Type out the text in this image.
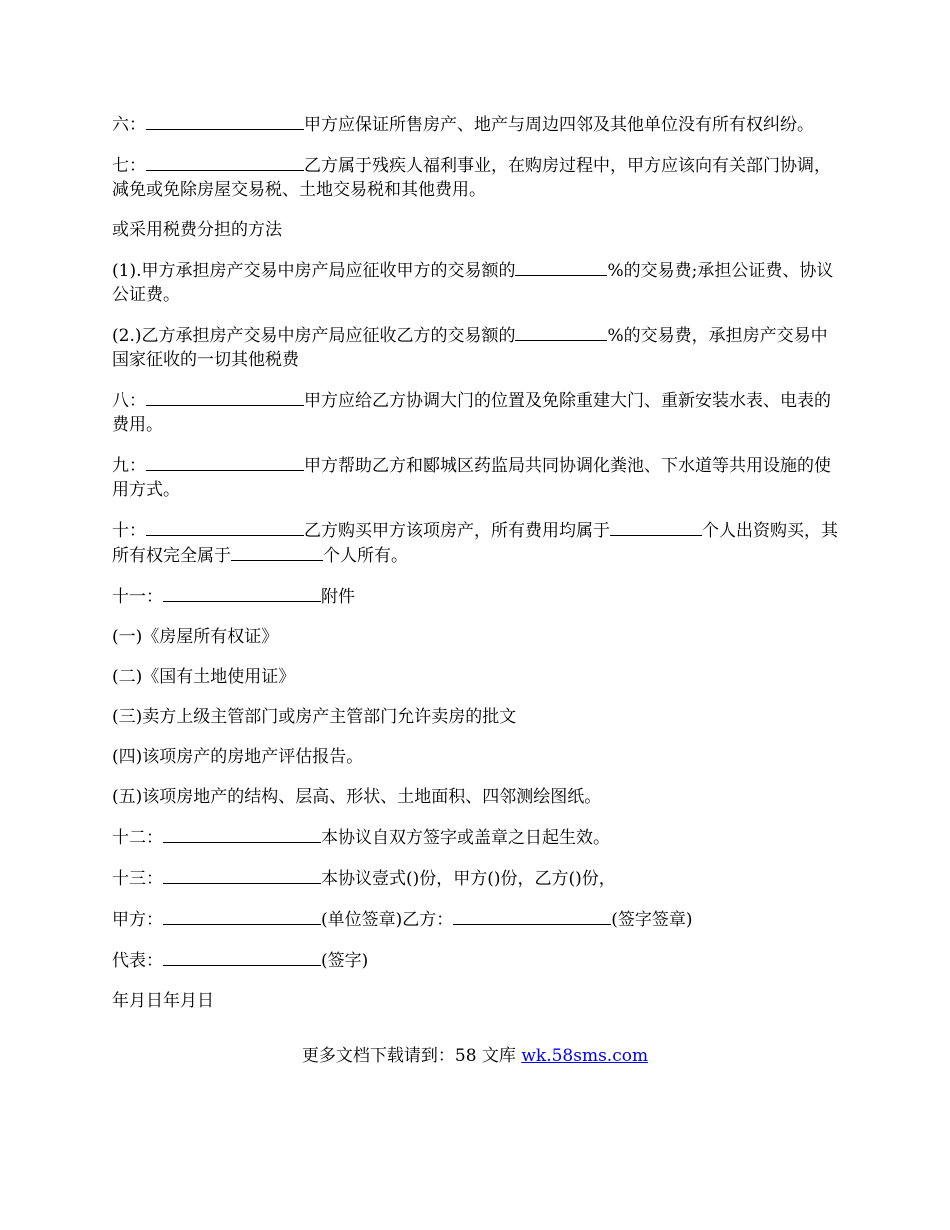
六：	甲方应保证所售房产、地产与周边四邻及其他单位没有所有权纠纷。

七：	乙方属于残疾人福利事业，在购房过程中，甲方应该向有关部门协调，减免或免除房屋交易税、土地交易税和其他费用。

或采用税费分担的方法

(1).甲方承担房产交易中房产局应征收甲方的交易额的	%的交易费;承担公证费、协议公证费。

(2.)乙方承担房产交易中房产局应征收乙方的交易额的	%的交易费，承担房产交易中国家征收的一切其他税费

八：	甲方应给乙方协调大门的位置及免除重建大门、重新安装水表、电表的费用。

九：	甲方帮助乙方和郾城区药监局共同协调化粪池、下水道等共用设施的使用方式。

十：	乙方购买甲方该项房产，所有费用均属于	个人出资购买，其所有权完全属于	个人所有。

十一：	附件

(一)《房屋所有权证》

(二)《国有土地使用证》

(三)卖方上级主管部门或房产主管部门允许卖房的批文

(四)该项房产的房地产评估报告。

(五)该项房地产的结构、层高、形状、土地面积、四邻测绘图纸。

十二：	本协议自双方签字或盖章之日起生效。

十三：	本协议壹式()份，甲方()份，乙方()份，

甲方：	(单位签章)乙方：	(签字签章)

代表：	(签字)

年月日年月日

更多文档下载请到：58 文库 wk.58sms.com
